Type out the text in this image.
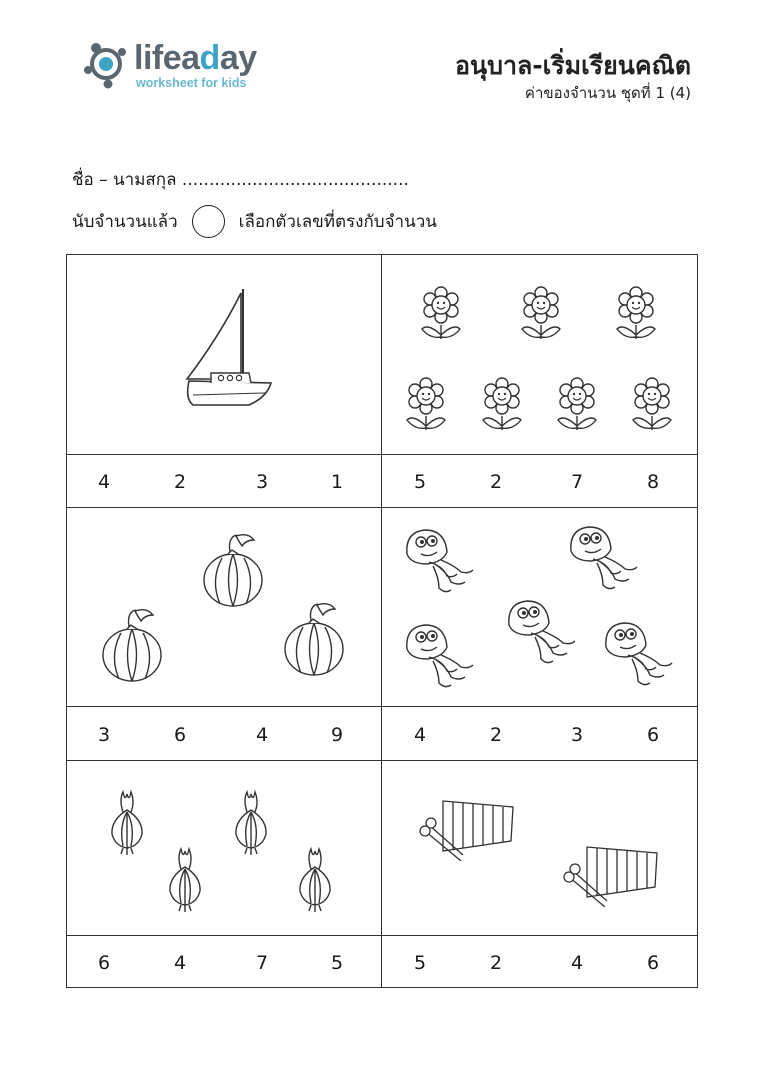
lifeaday
worksheet for kids
อนุบาล-เริ่มเรียนคณิต
ค่าของจำนวน ชุดที่ 1 (4)
ชื่อ – นามสกุล ..........................................
นับจำนวนแล้ว	เลือกตัวเลขที่ตรงกับจำนวน
4	2	3	1	5	2	7	8
3	6	4	9	4	2	3	6
6	4	7	5	5	2	4	6
